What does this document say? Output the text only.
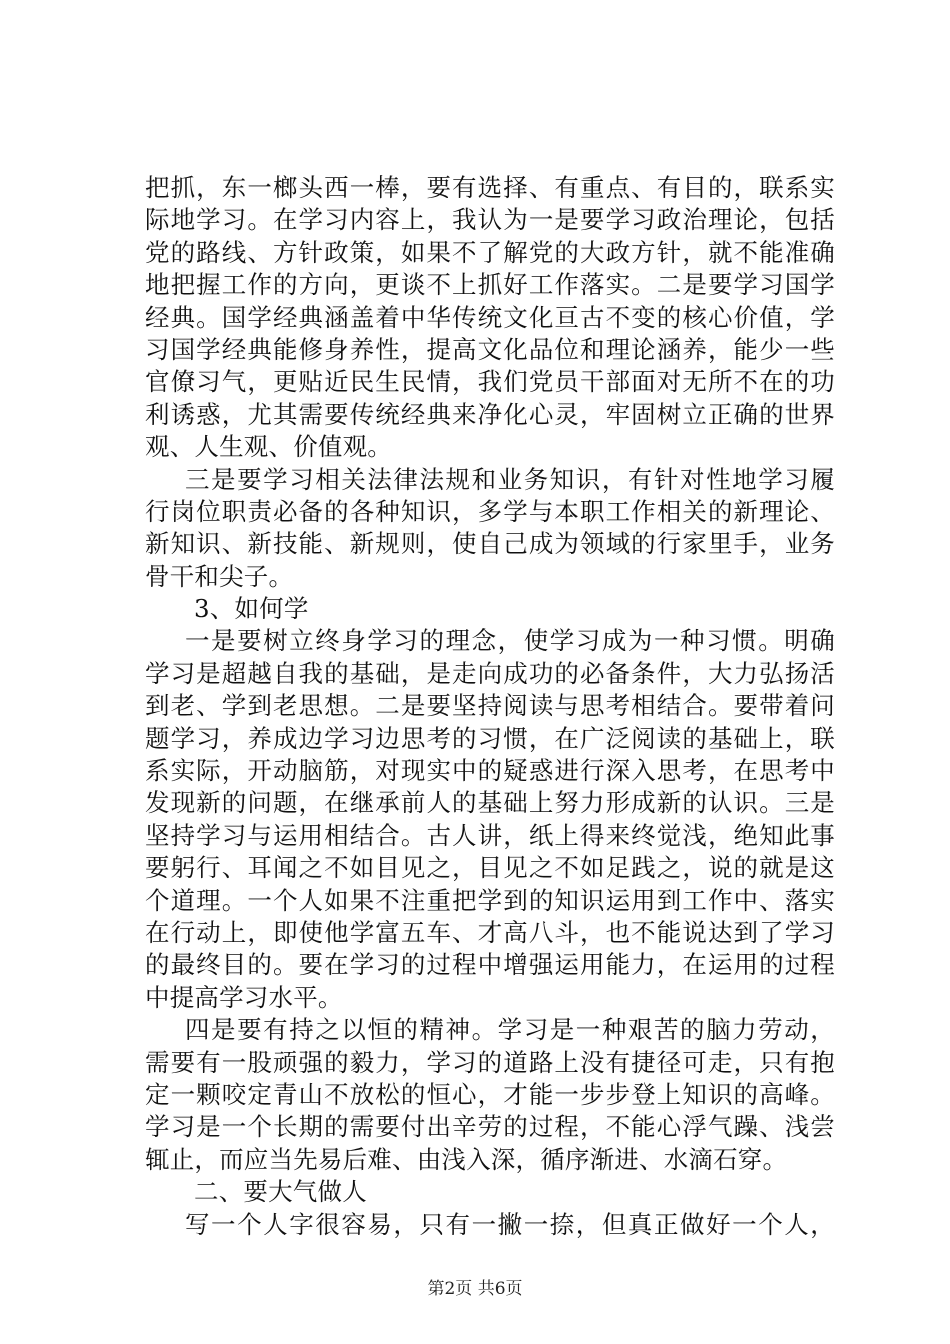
把抓，东一榔头西一棒，要有选择、有重点、有目的，联系实
际地学习。在学习内容上，我认为一是要学习政治理论，包括
党的路线、方针政策，如果不了解党的大政方针，就不能准确
地把握工作的方向，更谈不上抓好工作落实。二是要学习国学
经典。国学经典涵盖着中华传统文化亘古不变的核心价值，学
习国学经典能修身养性，提高文化品位和理论涵养，能少一些
官僚习气，更贴近民生民情，我们党员干部面对无所不在的功
利诱惑，尤其需要传统经典来净化心灵，牢固树立正确的世界
观、人生观、价值观。
三是要学习相关法律法规和业务知识，有针对性地学习履
行岗位职责必备的各种知识，多学与本职工作相关的新理论、
新知识、新技能、新规则，使自己成为领域的行家里手，业务
骨干和尖子。
3、如何学
一是要树立终身学习的理念，使学习成为一种习惯。明确
学习是超越自我的基础，是走向成功的必备条件，大力弘扬活
到老、学到老思想。二是要坚持阅读与思考相结合。要带着问
题学习，养成边学习边思考的习惯，在广泛阅读的基础上，联
系实际，开动脑筋，对现实中的疑惑进行深入思考，在思考中
发现新的问题，在继承前人的基础上努力形成新的认识。三是
坚持学习与运用相结合。古人讲，纸上得来终觉浅，绝知此事
要躬行、耳闻之不如目见之，目见之不如足践之，说的就是这
个道理。一个人如果不注重把学到的知识运用到工作中、落实
在行动上，即使他学富五车、才高八斗，也不能说达到了学习
的最终目的。要在学习的过程中增强运用能力，在运用的过程
中提高学习水平。
四是要有持之以恒的精神。学习是一种艰苦的脑力劳动，
需要有一股顽强的毅力，学习的道路上没有捷径可走，只有抱
定一颗咬定青山不放松的恒心，才能一步步登上知识的高峰。
学习是一个长期的需要付出辛劳的过程，不能心浮气躁、浅尝
辄止，而应当先易后难、由浅入深，循序渐进、水滴石穿。
二、要大气做人
写一个人字很容易，只有一撇一捺，但真正做好一个人，
第2页 共6页
